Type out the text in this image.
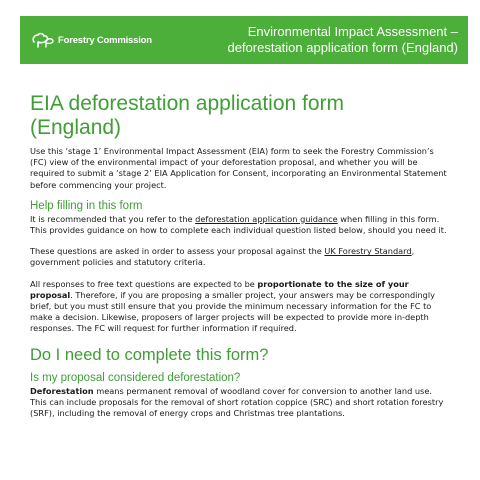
Forestry Commission
Environmental Impact Assessment –
deforestation application form (England)
EIA deforestation application form
(England)

Use this ‘stage 1’ Environmental Impact Assessment (EIA) form to seek the Forestry Commission’s (FC) view of the environmental impact of your deforestation proposal, and whether you will be required to submit a ‘stage 2’ EIA Application for Consent, incorporating an Environmental Statement before commencing your project.

Help filling in this form

It is recommended that you refer to the deforestation application guidance when filling in this form. This provides guidance on how to complete each individual question listed below, should you need it.

These questions are asked in order to assess your proposal against the UK Forestry Standard, government policies and statutory criteria.

All responses to free text questions are expected to be proportionate to the size of your proposal. Therefore, if you are proposing a smaller project, your answers may be correspondingly brief, but you must still ensure that you provide the minimum necessary information for the FC to make a decision. Likewise, proposers of larger projects will be expected to provide more in-depth responses. The FC will request for further information if required.

Do I need to complete this form?
Is my proposal considered deforestation?

Deforestation means permanent removal of woodland cover for conversion to another land use. This can include proposals for the removal of short rotation coppice (SRC) and short rotation forestry (SRF), including the removal of energy crops and Christmas tree plantations.
